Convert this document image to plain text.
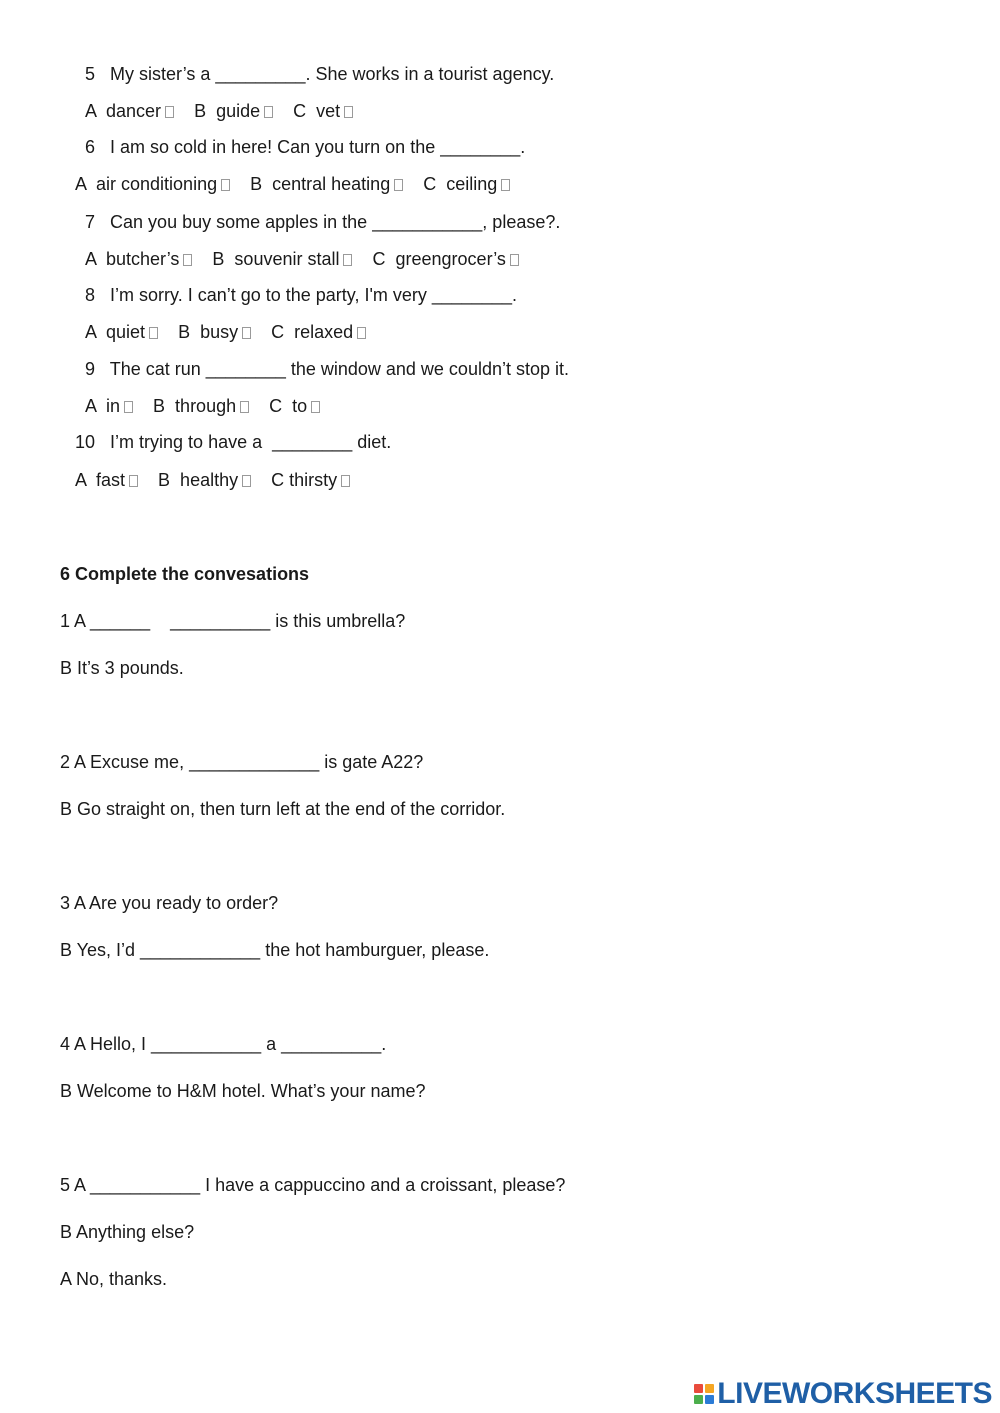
5 My sister’s a _________. She works in a tourist agency.
A  dancer B  guide C  vet
6 I am so cold in here! Can you turn on the ________.
A  air conditioning B  central heating C  ceiling
7 Can you buy some apples in the ___________, please?.
A  butcher’s B  souvenir stall C  greengrocer’s
8 I’m sorry. I can’t go to the party, I'm very ________.
A  quiet B  busy C  relaxed
9 The cat run ________ the window and we couldn’t stop it.
A  in B  through C  to
10 I’m trying to have a  ________ diet.
A  fast B  healthy C thirsty
6 Complete the convesations
1 A ______    __________ is this umbrella?
B It’s 3 pounds.
2 A Excuse me, _____________ is gate A22?
B Go straight on, then turn left at the end of the corridor.
3 A Are you ready to order?
B Yes, I’d ____________ the hot hamburguer, please.
4 A Hello, I ___________ a __________.
B Welcome to H&M hotel. What’s your name?
5 A ___________ I have a cappuccino and a croissant, please?
B Anything else?
A No, thanks.
LIVEWORKSHEETS
